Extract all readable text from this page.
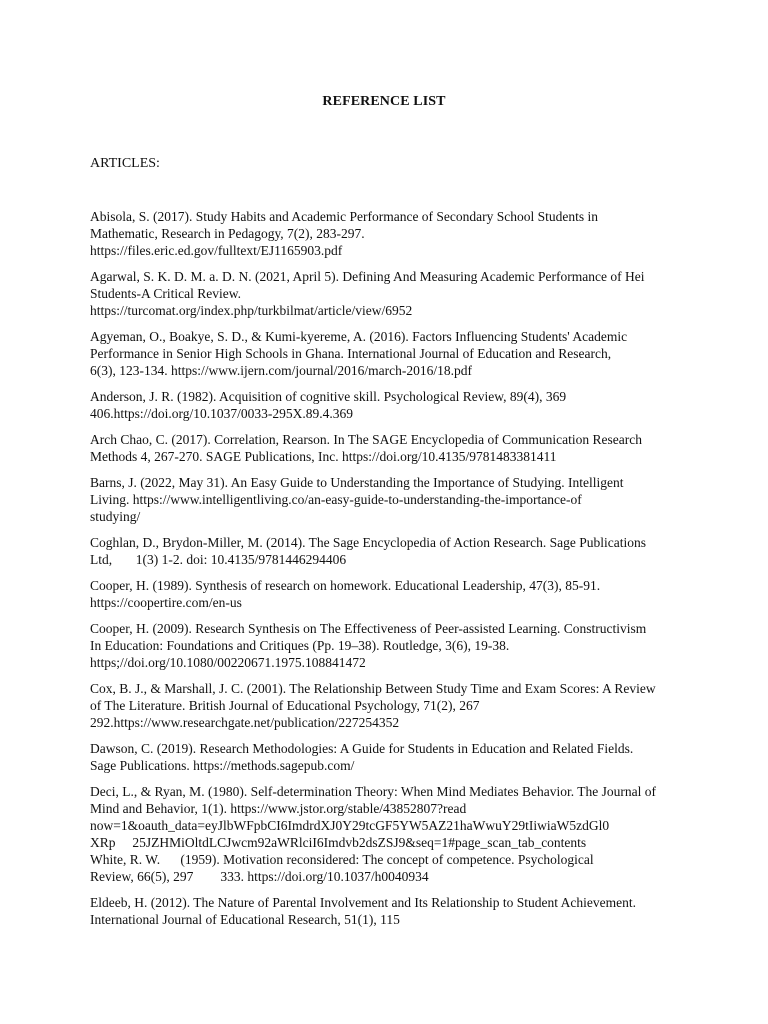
REFERENCE LIST
ARTICLES:
Abisola, S. (2017). Study Habits and Academic Performance of Secondary School Students in
Mathematic, Research in Pedagogy, 7(2), 283-297.
https://files.eric.ed.gov/fulltext/EJ1165903.pdf
Agarwal, S. K. D. M. a. D. N. (2021, April 5). Defining And Measuring Academic Performance of Hei
Students-A Critical Review.
https://turcomat.org/index.php/turkbilmat/article/view/6952
Agyeman, O., Boakye, S. D., & Kumi-kyereme, A. (2016). Factors Influencing Students' Academic
Performance in Senior High Schools in Ghana. International Journal of Education and Research,
6(3), 123-134. https://www.ijern.com/journal/2016/march-2016/18.pdf
Anderson, J. R. (1982). Acquisition of cognitive skill. Psychological Review, 89(4), 369
406.https://doi.org/10.1037/0033-295X.89.4.369
Arch Chao, C. (2017). Correlation, Rearson. In The SAGE Encyclopedia of Communication Research
Methods 4, 267-270. SAGE Publications, Inc. https://doi.org/10.4135/9781483381411
Barns, J. (2022, May 31). An Easy Guide to Understanding the Importance of Studying. Intelligent
Living. https://www.intelligentliving.co/an-easy-guide-to-understanding-the-importance-of
studying/
Coghlan, D., Brydon-Miller, M. (2014). The Sage Encyclopedia of Action Research. Sage Publications
Ltd,       1(3) 1-2. doi: 10.4135/9781446294406
Cooper, H. (1989). Synthesis of research on homework. Educational Leadership, 47(3), 85-91.
https://coopertire.com/en-us
Cooper, H. (2009). Research Synthesis on The Effectiveness of Peer-assisted Learning. Constructivism
In Education: Foundations and Critiques (Pp. 19–38). Routledge, 3(6), 19-38.
https;//doi.org/10.1080/00220671.1975.108841472
Cox, B. J., & Marshall, J. C. (2001). The Relationship Between Study Time and Exam Scores: A Review
of The Literature. British Journal of Educational Psychology, 71(2), 267
292.https://www.researchgate.net/publication/227254352
Dawson, C. (2019). Research Methodologies: A Guide for Students in Education and Related Fields.
Sage Publications. https://methods.sagepub.com/
Deci, L., & Ryan, M. (1980). Self-determination Theory: When Mind Mediates Behavior. The Journal of
Mind and Behavior, 1(1). https://www.jstor.org/stable/43852807?read
now=1&oauth_data=eyJlbWFpbCI6ImdrdXJ0Y29tcGF5YW5AZ21haWwuY29tIiwiaW5zdGl0
XRp     25JZHMiOltdLCJwcm92aWRlciI6Imdvb2dsZSJ9&seq=1#page_scan_tab_contents
White, R. W.      (1959). Motivation reconsidered: The concept of competence. Psychological
Review, 66(5), 297        333. https://doi.org/10.1037/h0040934
Eldeeb, H. (2012). The Nature of Parental Involvement and Its Relationship to Student Achievement.
International Journal of Educational Research, 51(1), 115
